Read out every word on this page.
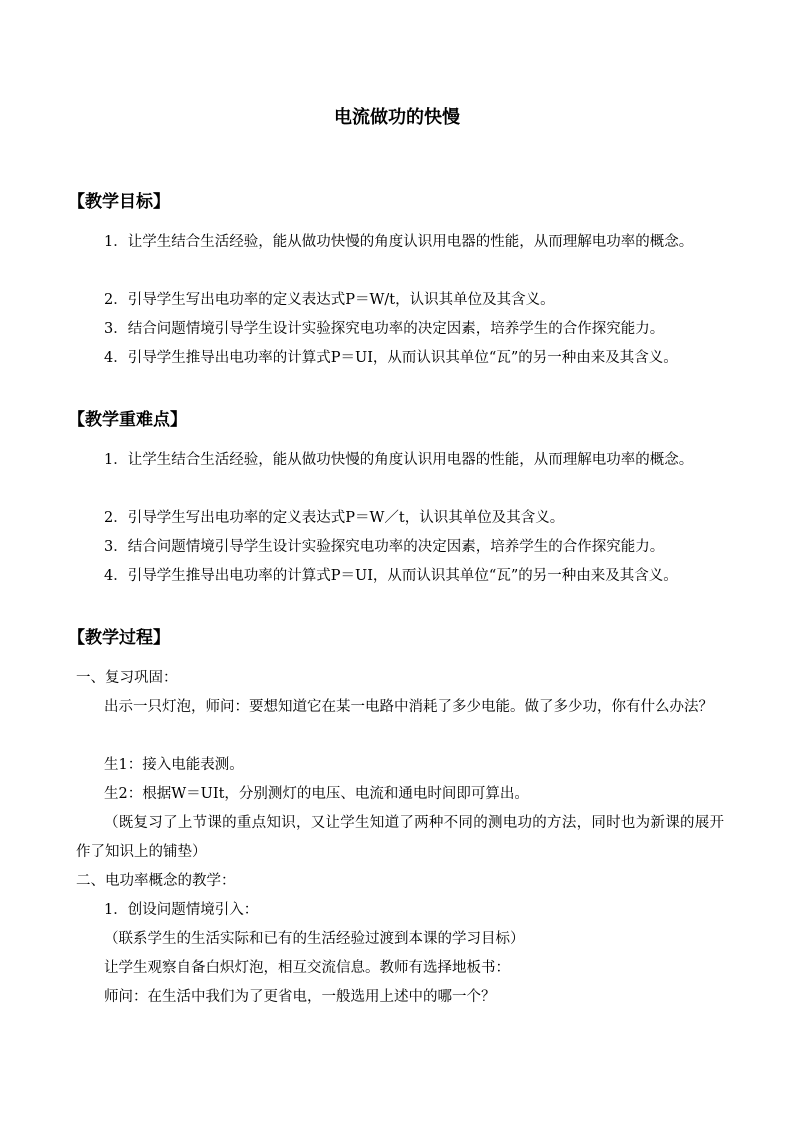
电流做功的快慢
【教学目标】

1．让学生结合生活经验，能从做功快慢的角度认识用电器的性能，从而理解电功率的概念。

2．引导学生写出电功率的定义表达式P＝W/t，认识其单位及其含义。

3．结合问题情境引导学生设计实验探究电功率的决定因素，培养学生的合作探究能力。

4．引导学生推导出电功率的计算式P＝UI，从而认识其单位“瓦”的另一种由来及其含义。

【教学重难点】

1．让学生结合生活经验，能从做功快慢的角度认识用电器的性能，从而理解电功率的概念。

2．引导学生写出电功率的定义表达式P＝W／t，认识其单位及其含义。

3．结合问题情境引导学生设计实验探究电功率的决定因素，培养学生的合作探究能力。

4．引导学生推导出电功率的计算式P＝UI，从而认识其单位“瓦”的另一种由来及其含义。

【教学过程】

一、复习巩固：

出示一只灯泡，师问：要想知道它在某一电路中消耗了多少电能。做了多少功，你有什么办法？

生1：接入电能表测。

生2：根据W＝UIt，分别测灯的电压、电流和通电时间即可算出。

（既复习了上节课的重点知识，又让学生知道了两种不同的测电功的方法，同时也为新课的展开作了知识上的铺垫）

二、电功率概念的教学：

1．创设问题情境引入：

（联系学生的生活实际和已有的生活经验过渡到本课的学习目标）

让学生观察自备白炽灯泡，相互交流信息。教师有选择地板书：

师问：在生活中我们为了更省电，一般选用上述中的哪一个？
